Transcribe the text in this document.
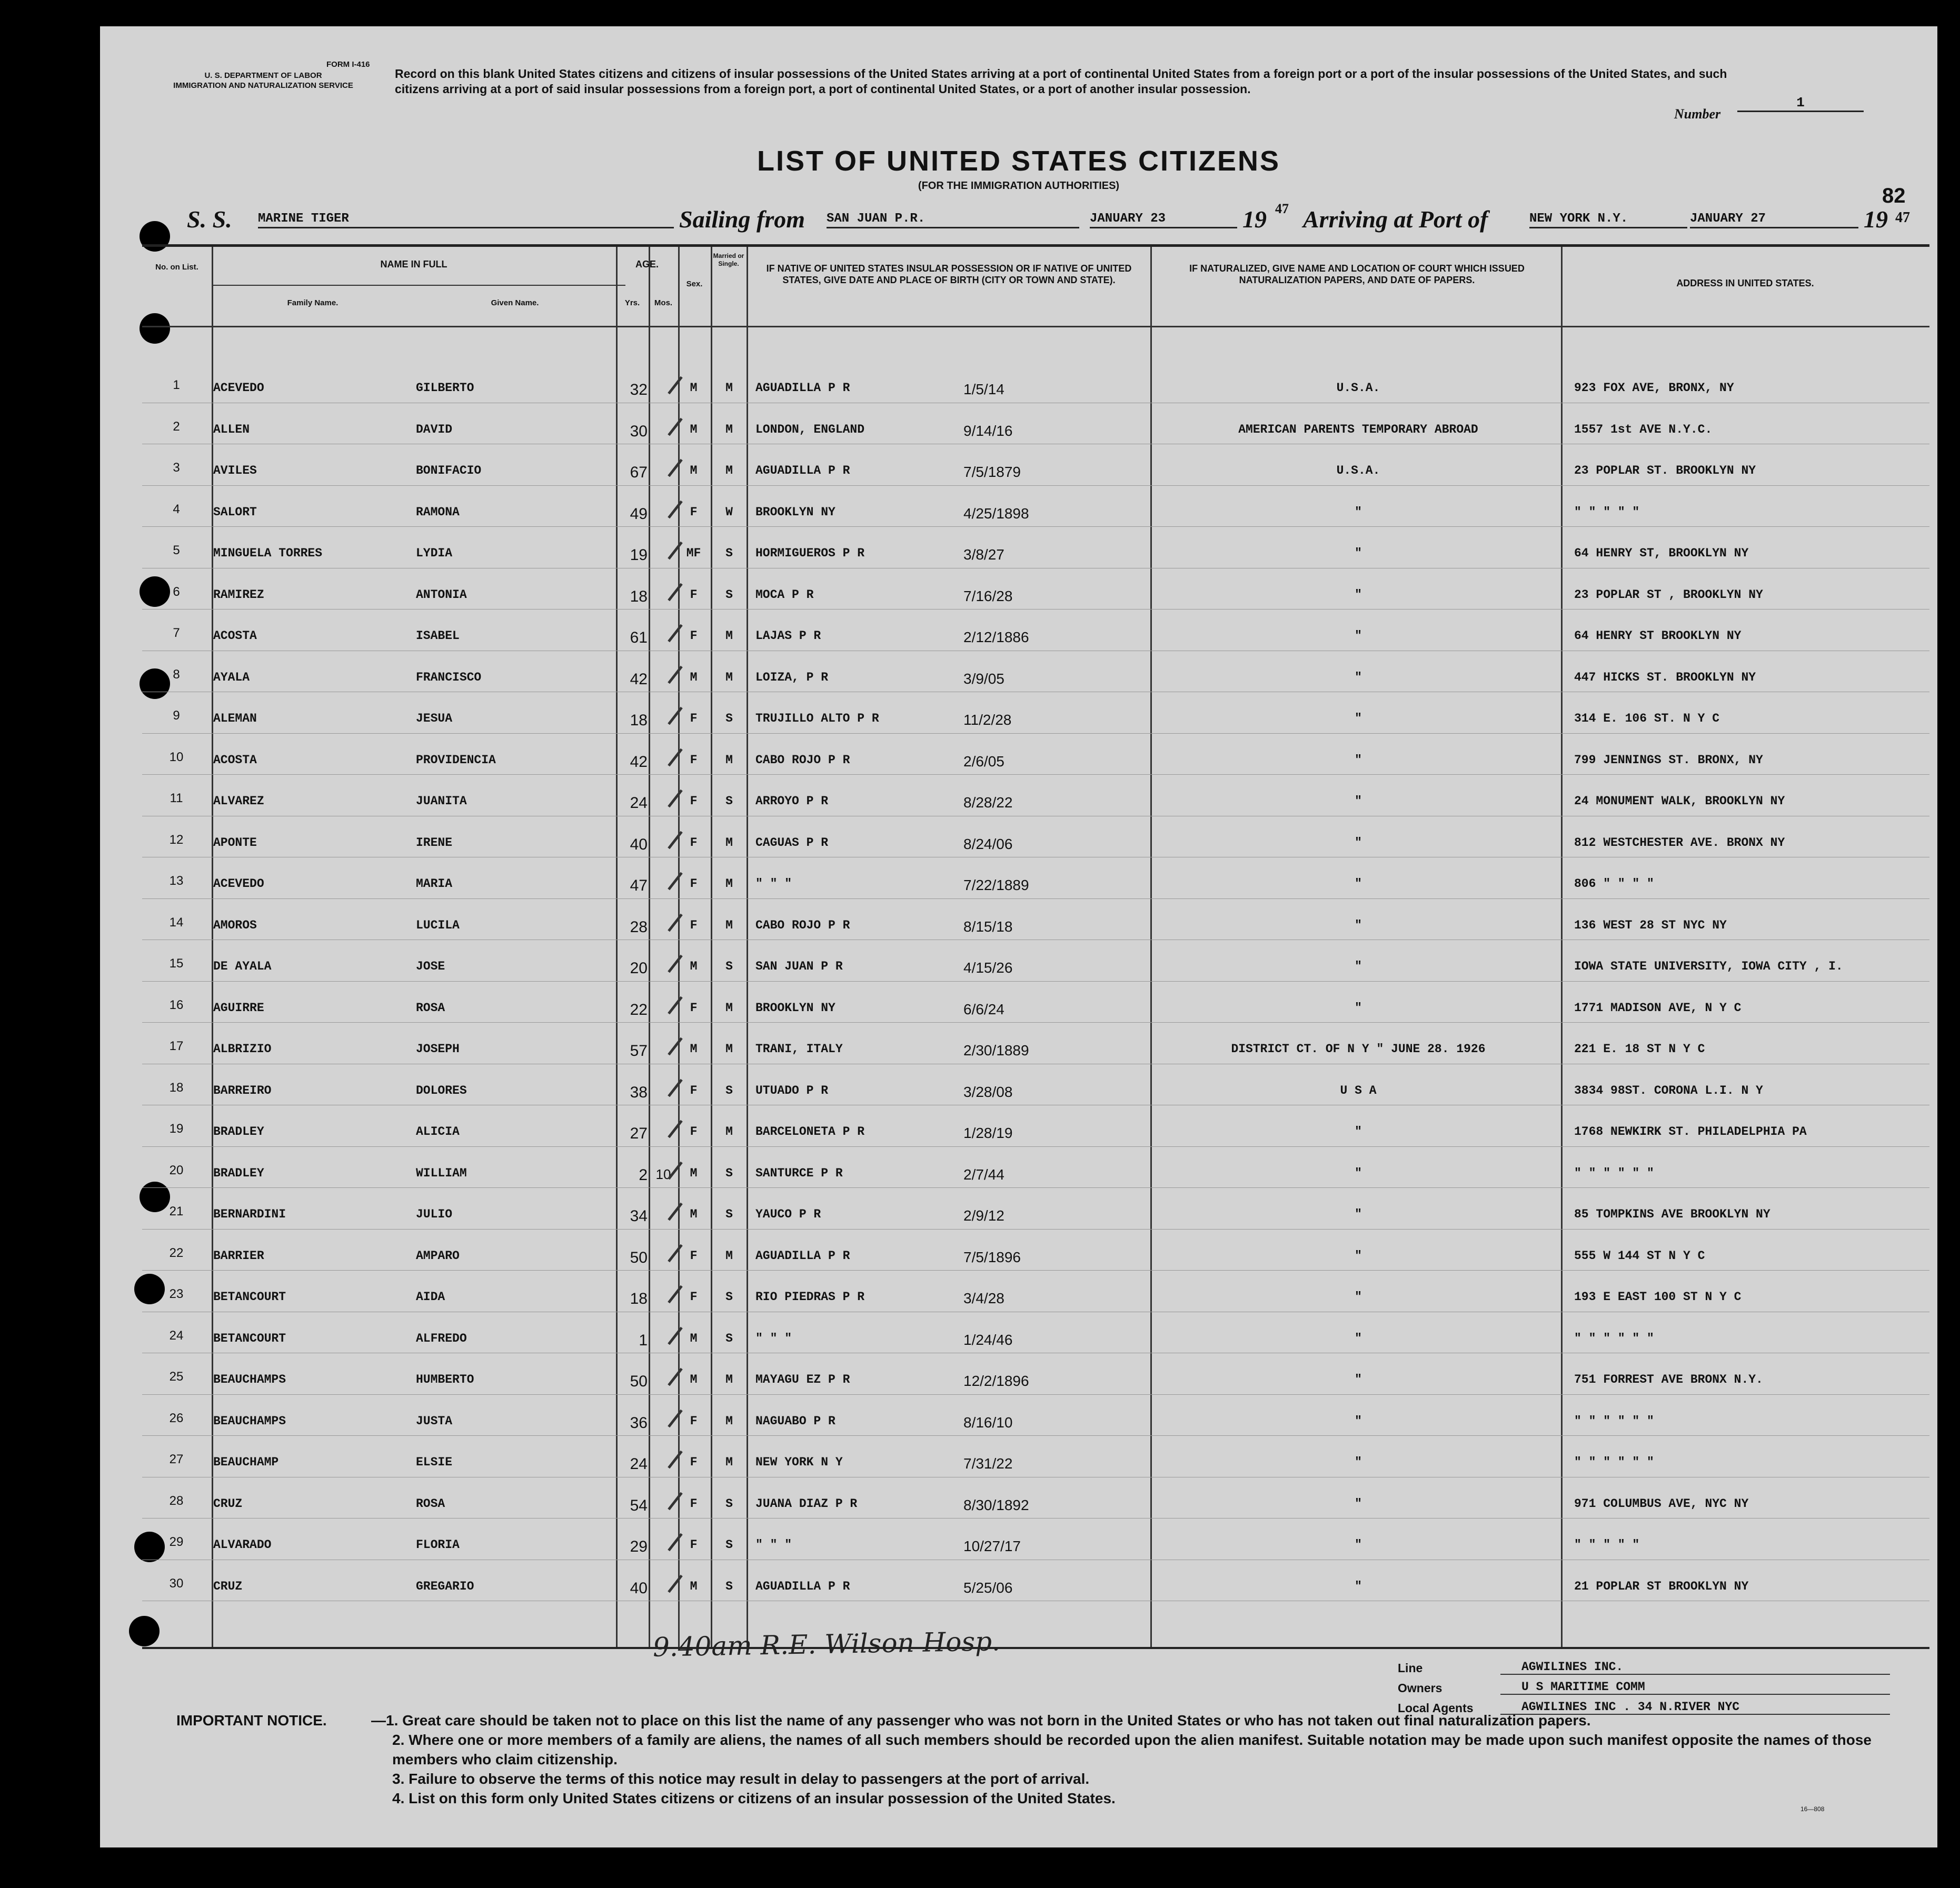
U. S. DEPARTMENT OF LABOR
IMMIGRATION AND NATURALIZATION SERVICE
FORM I-416
Record on this blank United States citizens and citizens of insular possessions of the United States arriving at a port of continental United States from a foreign port or a port of the insular possessions of the United States, and such citizens arriving at a port of said insular possessions from a foreign port, a port of continental United States, or a port of another insular possession.
Number
1
LIST OF UNITED STATES CITIZENS
(FOR THE IMMIGRATION AUTHORITIES)	82
S. S. MARINE TIGER	Sailing from SAN JUAN P.R.	JANUARY 23	19 47 Arriving at Port of	NEW YORK N.Y.	JANUARY 27	19 47
No. on List.	NAME IN FULL
Family Name.	Given Name.
AGE.
Yrs.	Mos.
Sex.
Married or Single.	IF NATIVE OF UNITED STATES INSULAR POSSESSION OR IF NATIVE OF UNITED STATES, GIVE DATE AND PLACE OF BIRTH (CITY OR TOWN AND STATE).
IF NATURALIZED, GIVE NAME AND LOCATION OF COURT WHICH ISSUED NATURALIZATION PAPERS, AND DATE OF PAPERS.	ADDRESS IN UNITED STATES.
1	ACEVEDO	GILBERTO	32	M	M	AGUADILLA P R	1/5/14	U.S.A.	923 FOX AVE, BRONX, NY
2	ALLEN	DAVID	30	M	M	LONDON, ENGLAND	9/14/16	AMERICAN PARENTS TEMPORARY ABROAD	1557 1st AVE N.Y.C.
3	AVILES	BONIFACIO	67	M	M	AGUADILLA P R	7/5/1879	U.S.A.	23 POPLAR ST. BROOKLYN NY
4	SALORT	RAMONA	49	F	W	BROOKLYN NY	4/25/1898	"	" " " " "
5	MINGUELA TORRES	LYDIA	19	MF	S	HORMIGUEROS P R	3/8/27	"	64 HENRY ST, BROOKLYN NY
6	RAMIREZ	ANTONIA	18	F	S	MOCA P R	7/16/28	"	23 POPLAR ST , BROOKLYN NY
7	ACOSTA	ISABEL	61	F	M	LAJAS P R	2/12/1886	"	64 HENRY ST BROOKLYN NY
8	AYALA	FRANCISCO	42	M	M	LOIZA, P R	3/9/05	"	447 HICKS ST. BROOKLYN NY
9	ALEMAN	JESUA	18	F	S	TRUJILLO ALTO P R	11/2/28	"	314 E. 106 ST. N Y C
10	ACOSTA	PROVIDENCIA	42	F	M	CABO ROJO P R	2/6/05	"	799 JENNINGS ST. BRONX, NY
11	ALVAREZ	JUANITA	24	F	S	ARROYO P R	8/28/22	"	24 MONUMENT WALK, BROOKLYN NY
12	APONTE	IRENE	40	F	M	CAGUAS P R	8/24/06	"	812 WESTCHESTER AVE. BRONX NY
13	ACEVEDO	MARIA	47	F	M	" " "	7/22/1889	"	806 " " " "
14	AMOROS	LUCILA	28	F	M	CABO ROJO P R	8/15/18	"	136 WEST 28 ST NYC NY
15	DE AYALA	JOSE	20	M	S	SAN JUAN P R	4/15/26	"	IOWA STATE UNIVERSITY, IOWA CITY , I.
16	AGUIRRE	ROSA	22	F	M	BROOKLYN NY	6/6/24	"	1771 MADISON AVE, N Y C
17	ALBRIZIO	JOSEPH	57	M	M	TRANI, ITALY	2/30/1889	DISTRICT CT. OF N Y " JUNE 28. 1926	221 E. 18 ST N Y C
18	BARREIRO	DOLORES	38	F	S	UTUADO P R	3/28/08	U S A	3834 98ST. CORONA L.I. N Y
19	BRADLEY	ALICIA	27	F	M	BARCELONETA P R	1/28/19	"	1768 NEWKIRK ST. PHILADELPHIA PA
20	BRADLEY	WILLIAM	2 10	M	S	SANTURCE P R	2/7/44	"	" " " " " "
21	BERNARDINI	JULIO	34	M	S	YAUCO P R	2/9/12	"	85 TOMPKINS AVE BROOKLYN NY
22	BARRIER	AMPARO	50	F	M	AGUADILLA P R	7/5/1896	"	555 W 144 ST N Y C
23	BETANCOURT	AIDA	18	F	S	RIO PIEDRAS P R	3/4/28	"	193 E EAST 100 ST N Y C
24	BETANCOURT	ALFREDO	1	M	S	" " "	1/24/46	"	" " " " " "
25	BEAUCHAMPS	HUMBERTO	50	M	M	MAYAGU EZ P R	12/2/1896	"	751 FORREST AVE BRONX N.Y.
26	BEAUCHAMPS	JUSTA	36	F	M	NAGUABO P R	8/16/10	"	" " " " " "
27	BEAUCHAMP	ELSIE	24	F	M	NEW YORK N Y	7/31/22	"	" " " " " "
28	CRUZ	ROSA	54	F	S	JUANA DIAZ P R	8/30/1892	"	971 COLUMBUS AVE, NYC NY
29	ALVARADO	FLORIA	29	F	S	" " "	10/27/17	"	" " " " "
30	CRUZ	GREGARIO	40	M	S	AGUADILLA P R	5/25/06	"	21 POPLAR ST BROOKLYN NY
9.40am R.E. Wilson Hosp.
Line	AGWILINES INC.
Owners	U S MARITIME COMM
Local Agents	AGWILINES INC . 34 N.RIVER NYC
IMPORTANT NOTICE.	—1. Great care should be taken not to place on this list the name of any passenger who was not born in the United States or who has not taken out final naturalization papers.
2. Where one or more members of a family are aliens, the names of all such members should be recorded upon the alien manifest. Suitable notation may be made upon such manifest opposite the names of those members who claim citizenship.
3. Failure to observe the terms of this notice may result in delay to passengers at the port of arrival.
4. List on this form only United States citizens or citizens of an insular possession of the United States.
16—808
